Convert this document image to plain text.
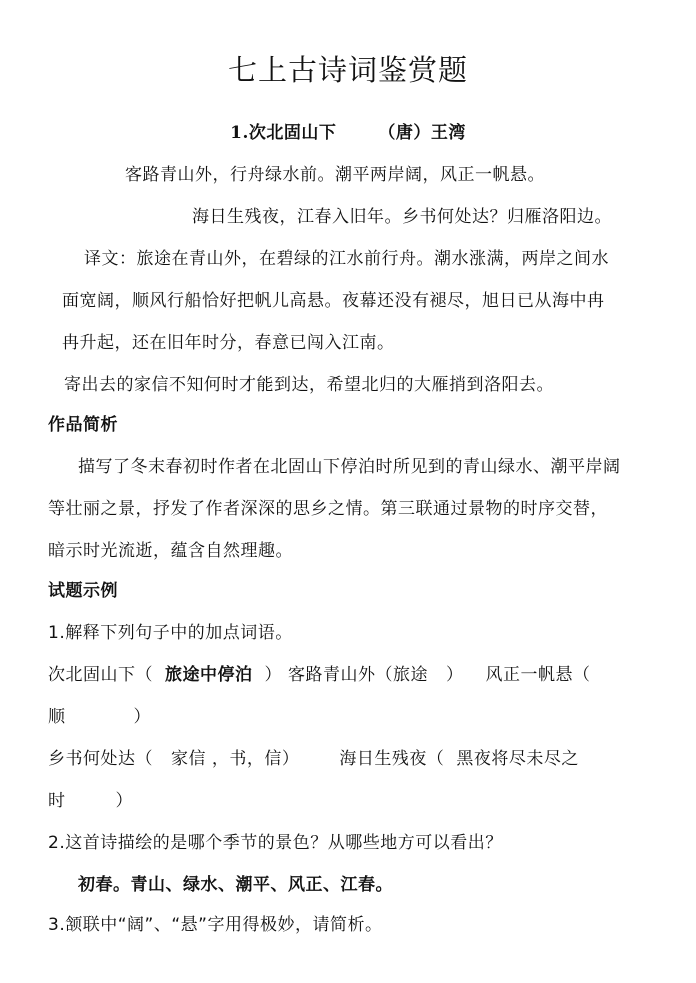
七上古诗词鉴赏题
1.次北固山下 （唐）王湾
客路青山外，行舟绿水前。潮平两岸阔，风正一帆悬。
海日生残夜，江春入旧年。乡书何处达？归雁洛阳边。
译文：旅途在青山外，在碧绿的江水前行舟。潮水涨满，两岸之间水
面宽阔，顺风行船恰好把帆儿高悬。夜幕还没有褪尽，旭日已从海中冉
冉升起，还在旧年时分，春意已闯入江南。
寄出去的家信不知何时才能到达，希望北归的大雁捎到洛阳去。
作品简析
描写了冬末春初时作者在北固山下停泊时所见到的青山绿水、潮平岸阔
等壮丽之景，抒发了作者深深的思乡之情。第三联通过景物的时序交替，
暗示时光流逝，蕴含自然理趣。
试题示例
1.解释下列句子中的加点词语。
次北固山下（ 旅途中停泊 ） 客路青山外（旅途 ） 风正一帆悬（
顺	）
乡书何处达（ 家信 ，书，信） 海日生残夜（ 黑夜将尽未尽之
时	）
2.这首诗描绘的是哪个季节的景色？从哪些地方可以看出？
初春。青山、绿水、潮平、风正、江春。
3.颔联中“阔”、“悬”字用得极妙，请简析。
